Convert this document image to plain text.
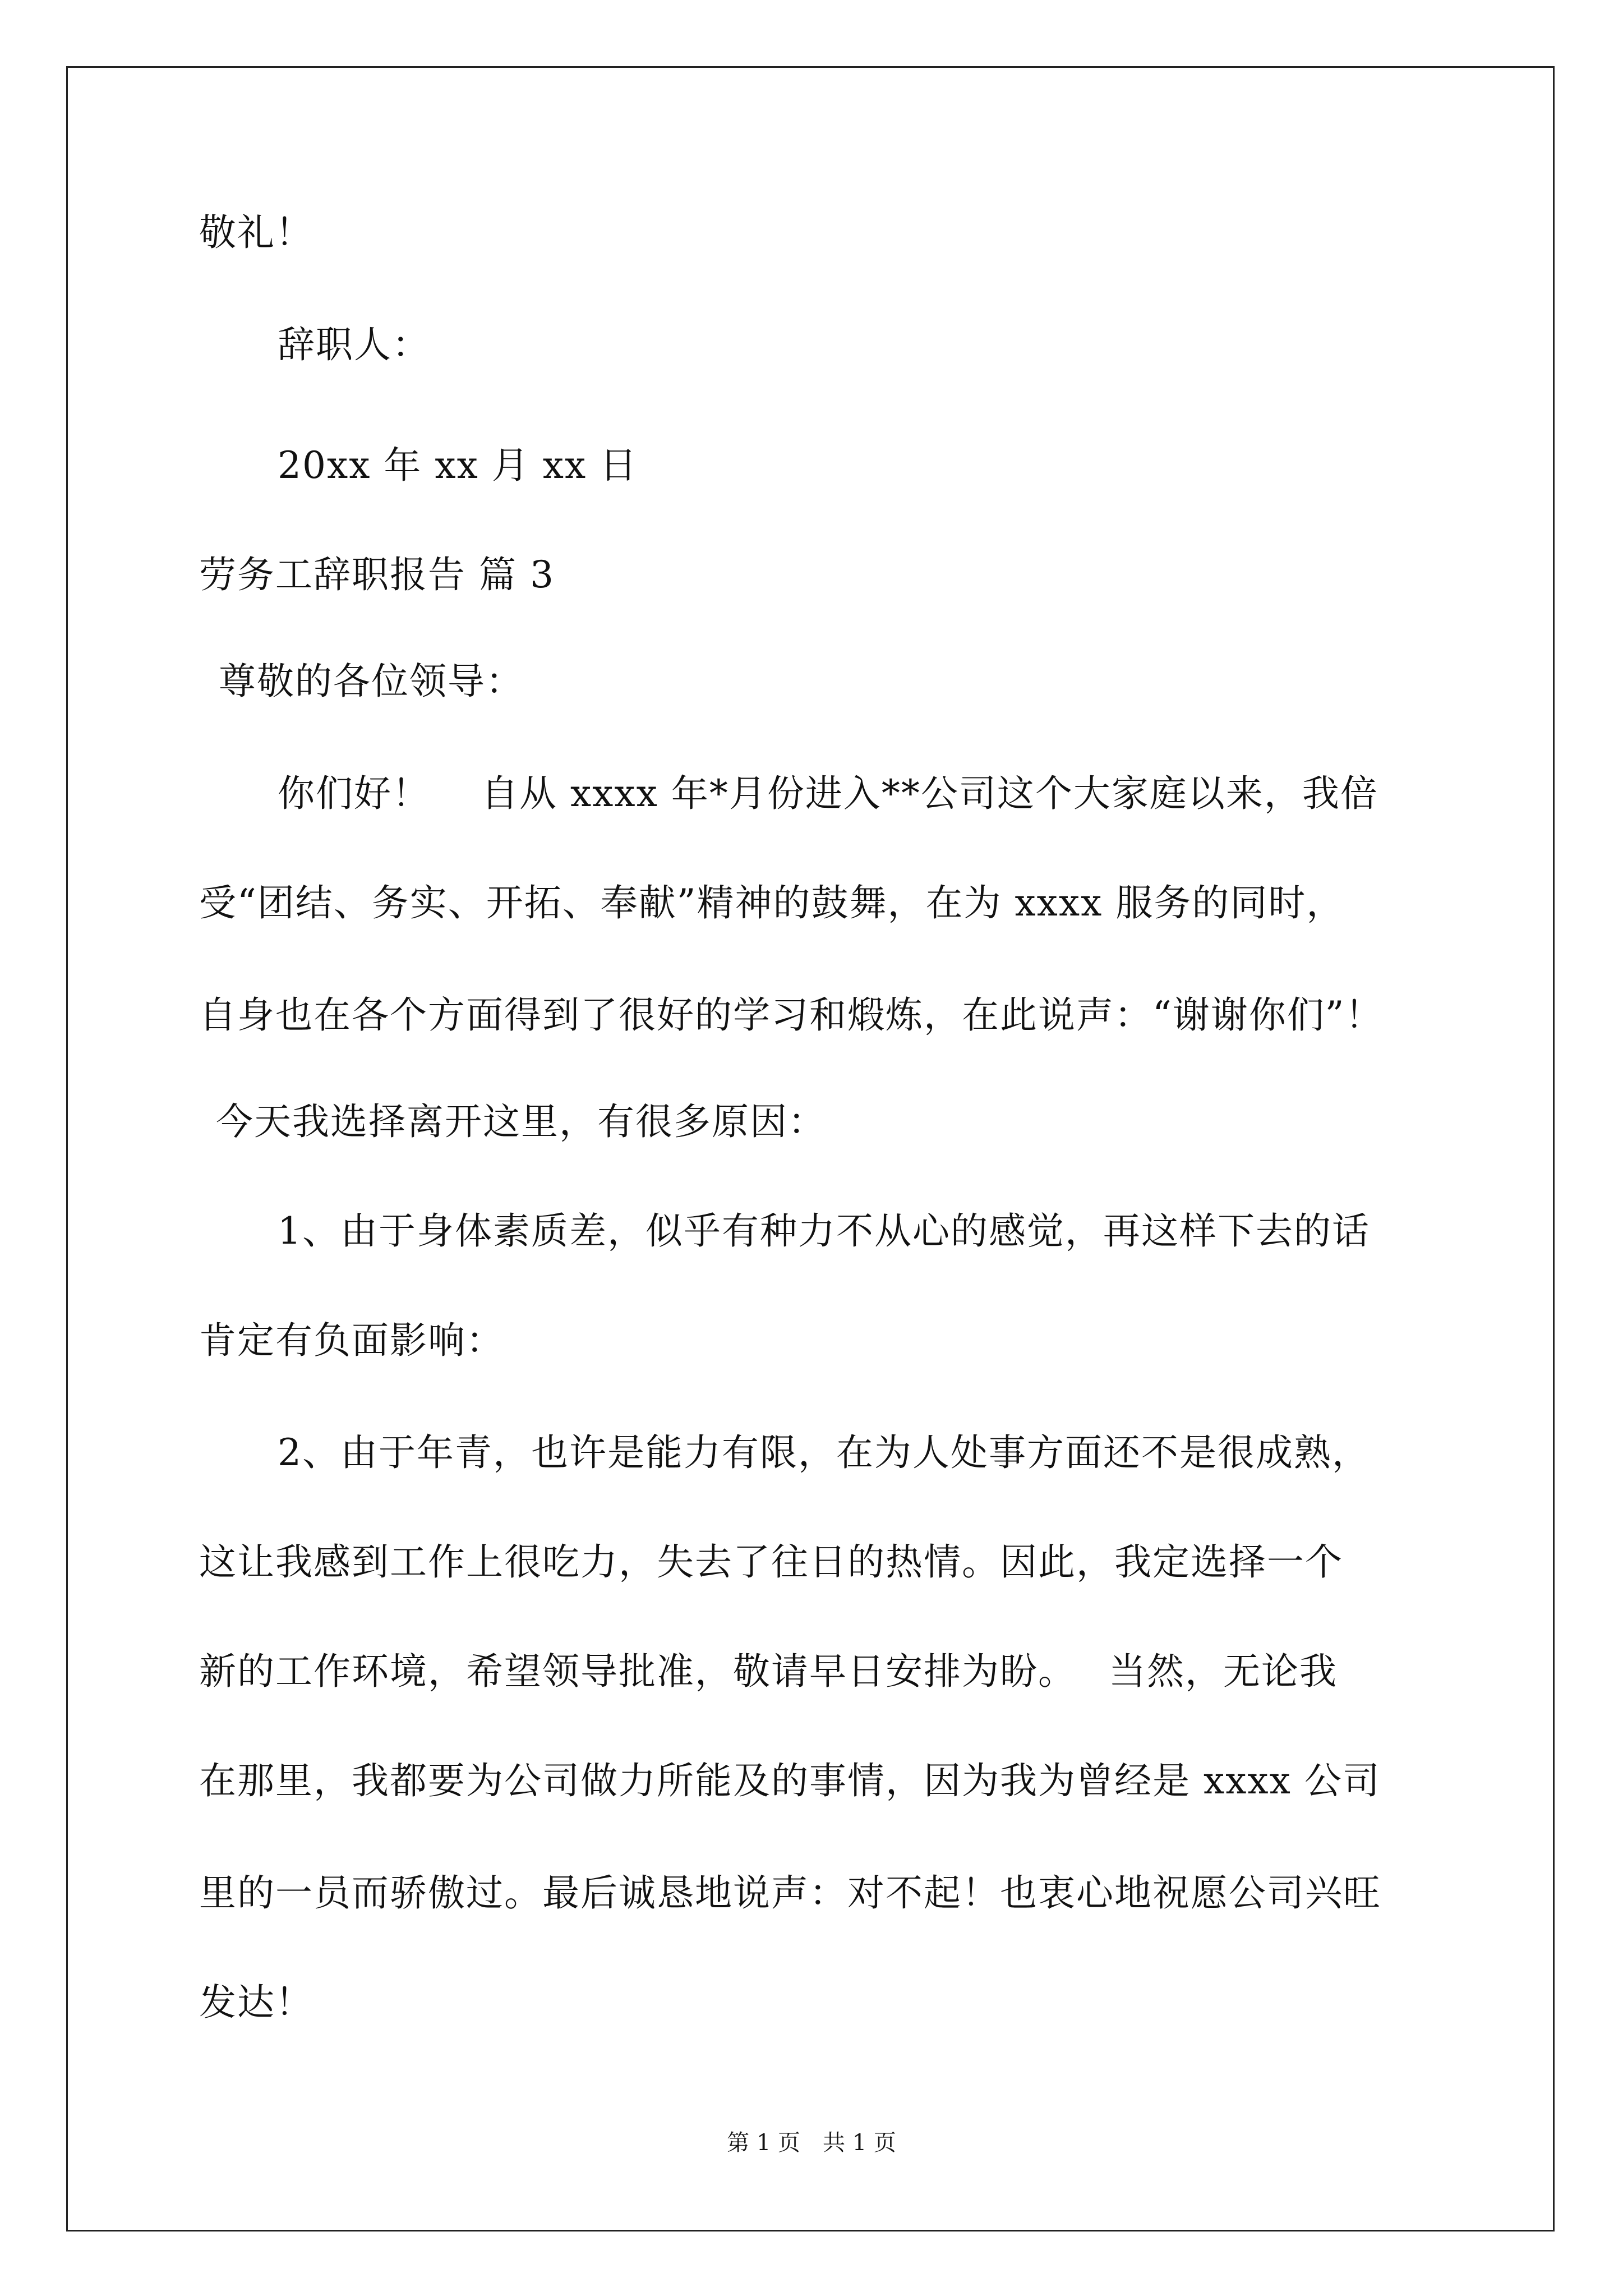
敬礼！
辞职人：
20xx 年 xx 月 xx 日
劳务工辞职报告 篇 3
尊敬的各位领导：
你们好！　 自从 xxxx 年*月份进入**公司这个大家庭以来，我倍
受“团结、务实、开拓、奉献”精神的鼓舞，在为 xxxx 服务的同时，
自身也在各个方面得到了很好的学习和煅炼，在此说声：“谢谢你们”！
今天我选择离开这里，有很多原因：
1、由于身体素质差，似乎有种力不从心的感觉，再这样下去的话
肯定有负面影响：
2、由于年青，也许是能力有限，在为人处事方面还不是很成熟，
这让我感到工作上很吃力，失去了往日的热情。因此，我定选择一个
新的工作环境，希望领导批准，敬请早日安排为盼。　 当然，无论我
在那里，我都要为公司做力所能及的事情，因为我为曾经是 xxxx 公司
里的一员而骄傲过。最后诚恳地说声：对不起！也衷心地祝愿公司兴旺
发达！
第 1 页　共 1 页
